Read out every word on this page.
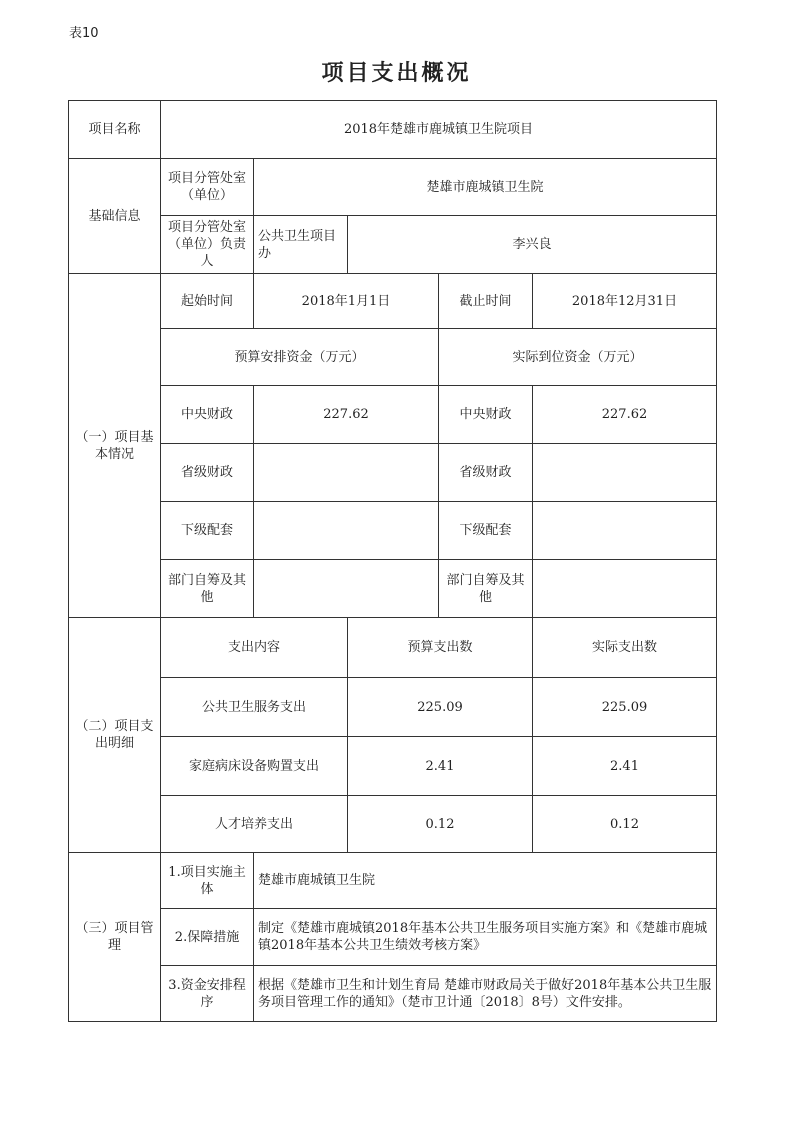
表10
项目支出概况
项目名称	2018年楚雄市鹿城镇卫生院项目				
基础信息	项目分管处室（单位）	楚雄市鹿城镇卫生院			
	项目分管处室（单位）负责人	公共卫生项目办	李兴良		
（一）项目基本情况	起始时间	2018年1月1日		截止时间	2018年12月31日
	预算安排资金（万元）			实际到位资金（万元）	
	中央财政	227.62		中央财政	227.62
	省级财政			省级财政	
	下级配套			下级配套	
	部门自筹及其他			部门自筹及其他	
（二）项目支出明细	支出内容		预算支出数		实际支出数
	公共卫生服务支出		225.09		225.09
	家庭病床设备购置支出		2.41		2.41
	人才培养支出		0.12		0.12
（三）项目管理	1.项目实施主体	楚雄市鹿城镇卫生院			
	2.保障措施	制定《楚雄市鹿城镇2018年基本公共卫生服务项目实施方案》和《楚雄市鹿城镇2018年基本公共卫生绩效考核方案》			
	3.资金安排程序	根据《楚雄市卫生和计划生育局 楚雄市财政局关于做好2018年基本公共卫生服务项目管理工作的通知》（楚市卫计通〔2018〕8号）文件安排。			
